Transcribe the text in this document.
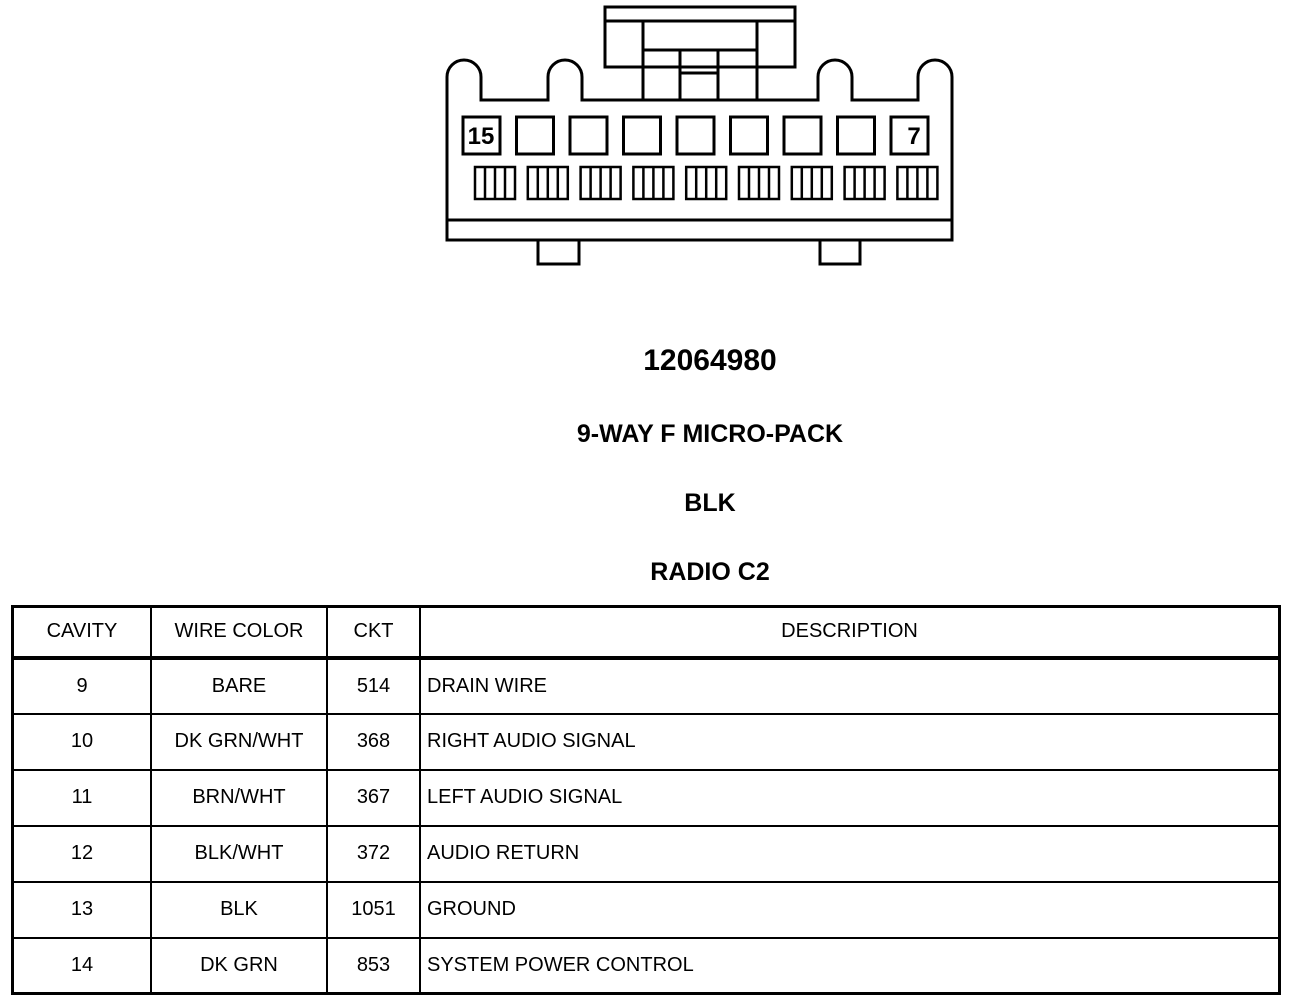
15	7
12064980
9-WAY F MICRO-PACK
BLK
RADIO C2
CAVITY	WIRE COLOR	CKT	DESCRIPTION
9	BARE	514	DRAIN WIRE
10	DK GRN/WHT	368	RIGHT AUDIO SIGNAL
11	BRN/WHT	367	LEFT AUDIO SIGNAL
12	BLK/WHT	372	AUDIO RETURN
13	BLK	1051	GROUND
14	DK GRN	853	SYSTEM POWER CONTROL
